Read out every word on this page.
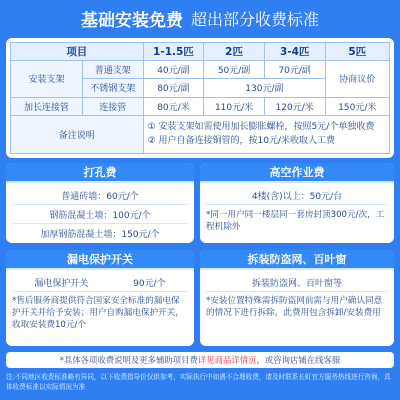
基础安装免费 超出部分收费标准
项目		1-1.5匹	2匹	3-4匹	5匹
安装支架	普通支架	40元/副	50元/副	70元/副	协商议价
	不锈钢支架	80元/副	130元/副		
加长连接管	连接管	80元/米	110元/米	120元/米	150元/米
备注说明		① 安装支架如需使用加长膨胀螺栓，按照5元/个单独收费
② 用户自备连接铜管的，按10元/米收取人工费			
打孔费
普通砖墙：60元/个
钢筋混凝土墙：100元/个
加厚钢筋混凝土墙：150元/个
高空作业费
4楼(含)以上：50元/台
*同一用户同一楼层同一套房封顶300元/次，工程机除外
漏电保护开关
漏电保护开关	90元/个
*售后服务商提供符合国家安全标准的漏电保护开关并给予安装；用户自购漏电保护开关，收取安装费10元/个
拆装防盗网、百叶窗
拆装防盗网、百叶窗等
*安装位置特殊需拆防盗网前需与用户确认同意的情况下进行拆除，此费用包含拆卸/安装费用
*具体各项收费说明及更多辅助项目费 详见商品详情页 ，或咨询店铺在线客服
注:不同地区收费标准略有异同，以下收费指导价仅供参考，实际执行中如遇不合理收费，请及时联系长虹官方服务热线进行咨询，具体收费标准以实际情况为准
